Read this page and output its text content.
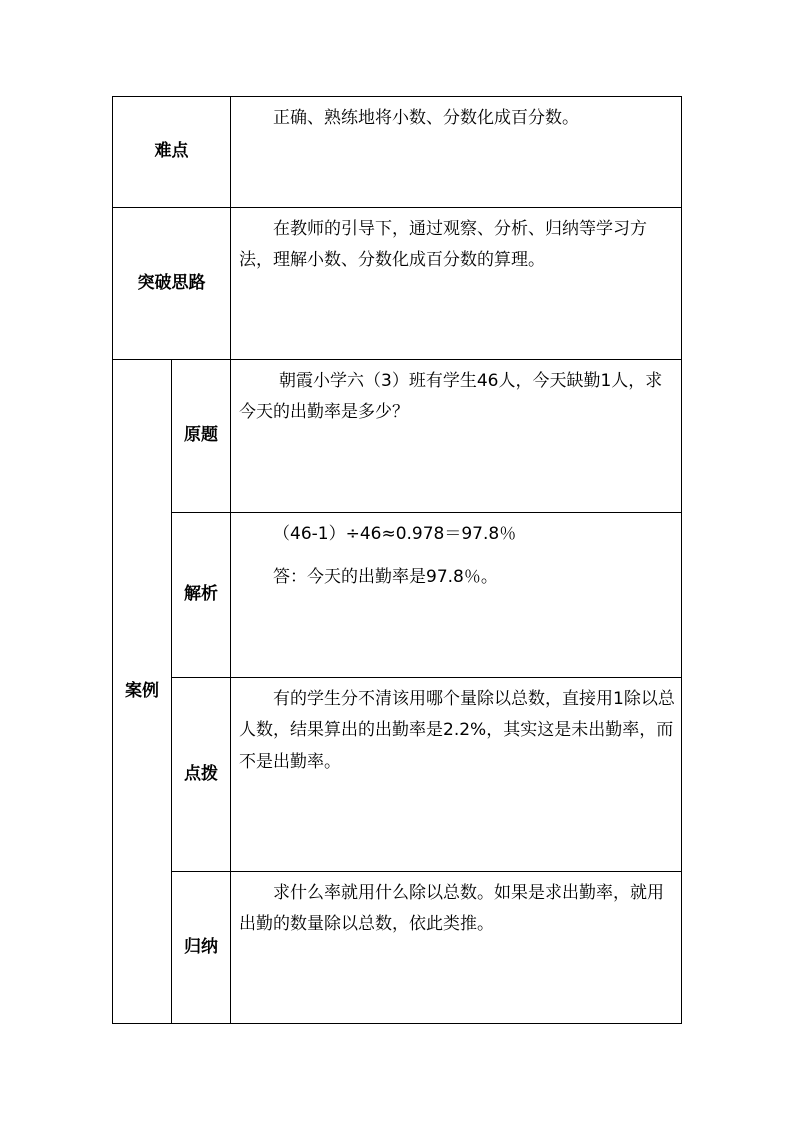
难点		正确、熟练地将小数、分数化成百分数。

突破思路		在教师的引导下，通过观察、分析、归纳等学习方法，理解小数、分数化成百分数的算理。

案例	原题	朝霞小学六（3）班有学生46人，今天缺勤1人，求今天的出勤率是多少？

	解析	（46-1）÷46≈0.978＝97.8％

答：今天的出勤率是97.8％。

	点拨	有的学生分不清该用哪个量除以总数，直接用1除以总人数，结果算出的出勤率是2.2%，其实这是未出勤率，而不是出勤率。

	归纳	求什么率就用什么除以总数。如果是求出勤率，就用出勤的数量除以总数，依此类推。
